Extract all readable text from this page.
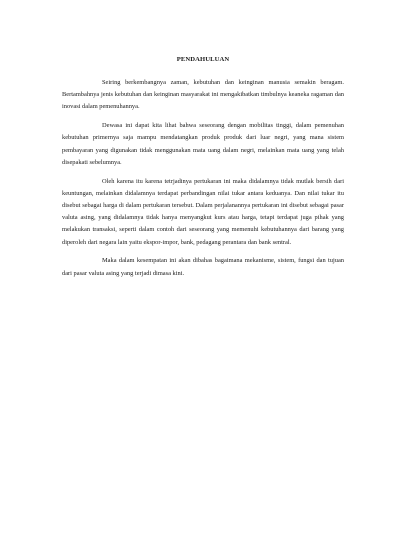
PENDAHULUAN

Seiring berkembangnya zaman, kebutuhan dan keinginan manusia semakin beragam. Bertambahnya jenis kebutuhan dan keinginan masyarakat ini mengakibatkan timbulnya keaneka ragaman dan inovasi dalam pemenuhannya.

Dewasa ini dapat kita lihat bahwa seseorang dengan mobilitas tinggi, dalam pemenuhan kebutuhan primernya saja mampu mendatangkan produk produk dari luar negri, yang mana sistem pembayaran yang digunakan tidak menggunakan mata uang dalam negri, melainkan mata uang yang telah disepakati sebelumnya.

Oleh karena itu karena tetrjadinya pertukaran ini maka didalamnya tidak mutlak bersih dari keuntungan, melainkan didalamnya terdapat perbandingan nilai tukar antara keduanya. Dan nilai tukar itu disebut sebagai harga di dalam pertukaran tersebut. Dalam perjalanannya pertukaran ini disebut sebagai pasar valuta asing, yang didalamnya tidak hanya menyangkut kurs atau harga, tetapi terdapat juga pihak yang melakukan transaksi, seperti dalam contoh dari seseorang yang memenuhi kebutuhannya dari barang yang diperoleh dari negara lain yaitu ekspor-impor, bank, pedagang perantara dan bank sentral.

Maka dalam kesempatan ini akan dibahas bagaimana mekanisme, sistem, fungsi dan tujuan dari pasar valuta asing yang terjadi dimasa kini.
